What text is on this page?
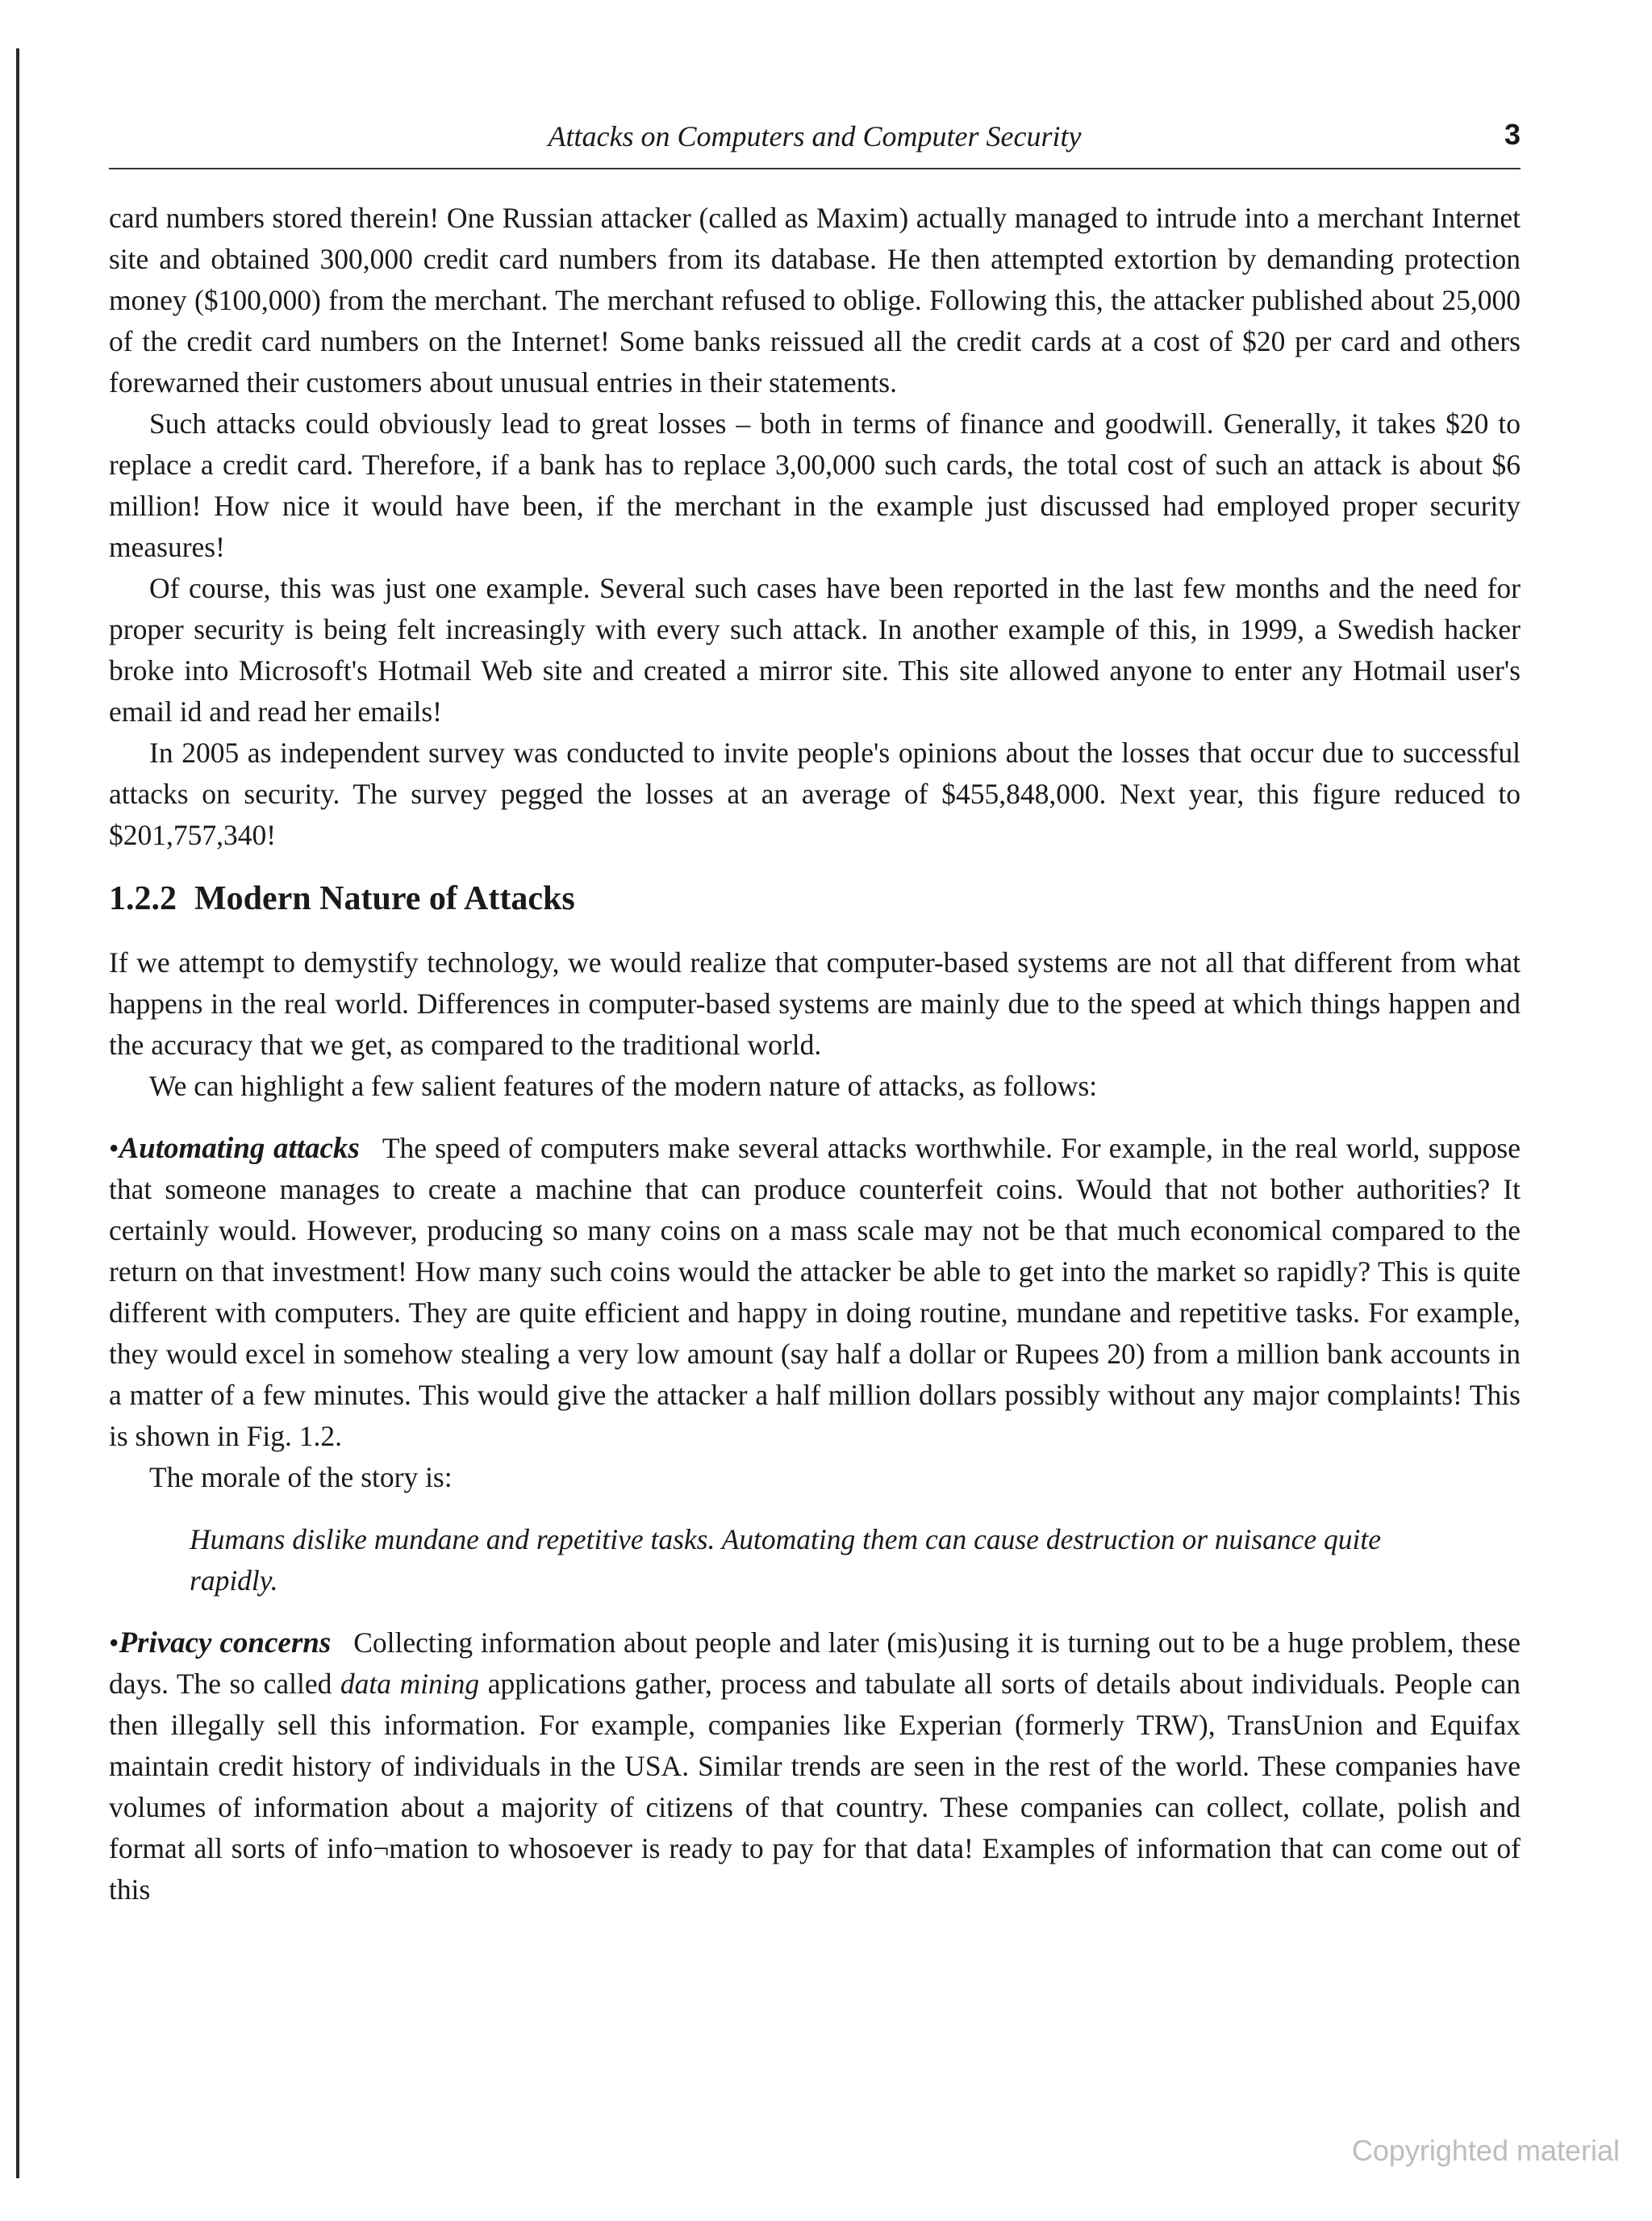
Attacks on Computers and Computer Security	3

card numbers stored therein! One Russian attacker (called as Maxim) actually managed to intrude into a merchant Internet site and obtained 300,000 credit card numbers from its database. He then attempted extortion by demanding protection money ($100,000) from the merchant. The merchant refused to oblige. Following this, the attacker published about 25,000 of the credit card numbers on the Internet! Some banks reissued all the credit cards at a cost of $20 per card and others forewarned their customers about unusual entries in their statements.

Such attacks could obviously lead to great losses – both in terms of finance and goodwill. Generally, it takes $20 to replace a credit card. Therefore, if a bank has to replace 3,00,000 such cards, the total cost of such an attack is about $6 million! How nice it would have been, if the merchant in the example just discussed had employed proper security measures!

Of course, this was just one example. Several such cases have been reported in the last few months and the need for proper security is being felt increasingly with every such attack. In another example of this, in 1999, a Swedish hacker broke into Microsoft's Hotmail Web site and created a mirror site. This site allowed anyone to enter any Hotmail user's email id and read her emails!

In 2005 as independent survey was conducted to invite people's opinions about the losses that occur due to successful attacks on security. The survey pegged the losses at an average of $455,848,000. Next year, this figure reduced to $201,757,340!

1.2.2 Modern Nature of Attacks

If we attempt to demystify technology, we would realize that computer-based systems are not all that different from what happens in the real world. Differences in computer-based systems are mainly due to the speed at which things happen and the accuracy that we get, as compared to the traditional world.

We can highlight a few salient features of the modern nature of attacks, as follows:

•Automating attacks The speed of computers make several attacks worthwhile. For example, in the real world, suppose that someone manages to create a machine that can produce counterfeit coins. Would that not bother authorities? It certainly would. However, producing so many coins on a mass scale may not be that much economical compared to the return on that investment! How many such coins would the attacker be able to get into the market so rapidly? This is quite different with computers. They are quite efficient and happy in doing routine, mundane and repetitive tasks. For example, they would excel in somehow stealing a very low amount (say half a dollar or Rupees 20) from a million bank accounts in a matter of a few minutes. This would give the attacker a half million dollars possibly without any major complaints! This is shown in Fig. 1.2.

The morale of the story is:

Humans dislike mundane and repetitive tasks. Automating them can cause destruction or nuisance quite rapidly.

•Privacy concerns Collecting information about people and later (mis)using it is turning out to be a huge problem, these days. The so called data mining applications gather, process and tabulate all sorts of details about individuals. People can then illegally sell this information. For example, companies like Experian (formerly TRW), TransUnion and Equifax maintain credit history of individuals in the USA. Similar trends are seen in the rest of the world. These companies have volumes of information about a majority of citizens of that country. These companies can collect, collate, polish and format all sorts of info¬mation to whosoever is ready to pay for that data! Examples of information that can come out of this

Copyrighted material
